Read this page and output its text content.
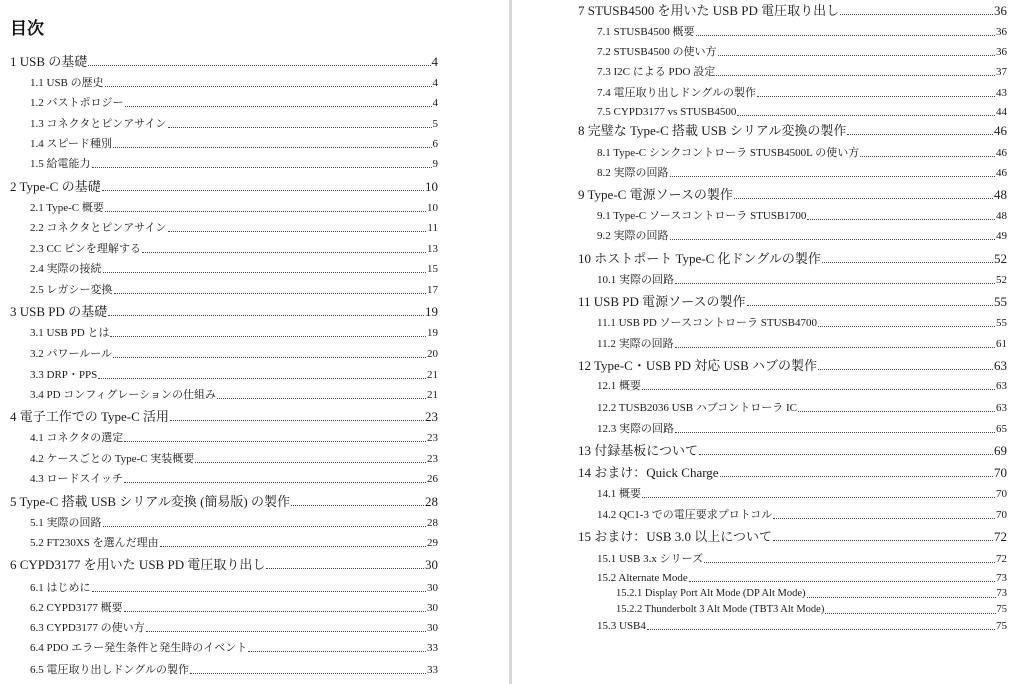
目次
1 USB の基礎	4
1.1 USB の歴史	4
1.2 バストポロジー	4
1.3 コネクタとピンアサイン	5
1.4 スピード種別	6
1.5 給電能力	9
2 Type-C の基礎	10
2.1 Type-C 概要	10
2.2 コネクタとピンアサイン	11
2.3 CC ピンを理解する	13
2.4 実際の接続	15
2.5 レガシー変換	17
3 USB PD の基礎	19
3.1 USB PD とは	19
3.2 パワールール	20
3.3 DRP・PPS	21
3.4 PD コンフィグレーションの仕組み	21
4 電子工作での Type-C 活用	23
4.1 コネクタの選定	23
4.2 ケースごとの Type-C 実装概要	23
4.3 ロードスイッチ	26
5 Type-C 搭載 USB シリアル変換 (簡易版) の製作	28
5.1 実際の回路	28
5.2 FT230XS を選んだ理由	29
6 CYPD3177 を用いた USB PD 電圧取り出し	30
6.1 はじめに	30
6.2 CYPD3177 概要	30
6.3 CYPD3177 の使い方	30
6.4 PDO エラー発生条件と発生時のイベント	33
6.5 電圧取り出しドングルの製作	33
7 STUSB4500 を用いた USB PD 電圧取り出し	36
7.1 STUSB4500 概要	36
7.2 STUSB4500 の使い方	36
7.3 I2C による PDO 設定	37
7.4 電圧取り出しドングルの製作	43
7.5 CYPD3177 vs STUSB4500	44
8 完璧な Type-C 搭載 USB シリアル変換の製作	46
8.1 Type-C シンクコントローラ STUSB4500L の使い方	46
8.2 実際の回路	46
9 Type-C 電源ソースの製作	48
9.1 Type-C ソースコントローラ STUSB1700	48
9.2 実際の回路	49
10 ホストポート Type-C 化ドングルの製作	52
10.1 実際の回路	52
11 USB PD 電源ソースの製作	55
11.1 USB PD ソースコントローラ STUSB4700	55
11.2 実際の回路	61
12 Type-C・USB PD 対応 USB ハブの製作	63
12.1 概要	63
12.2 TUSB2036 USB ハブコントローラ IC	63
12.3 実際の回路	65
13 付録基板について	69
14 おまけ：Quick Charge	70
14.1 概要	70
14.2 QC1-3 での電圧要求プロトコル	70
15 おまけ：USB 3.0 以上について	72
15.1 USB 3.x シリーズ	72
15.2 Alternate Mode	73
15.2.1 Display Port Alt Mode (DP Alt Mode)	73
15.2.2 Thunderbolt 3 Alt Mode (TBT3 Alt Mode)	75
15.3 USB4	75
